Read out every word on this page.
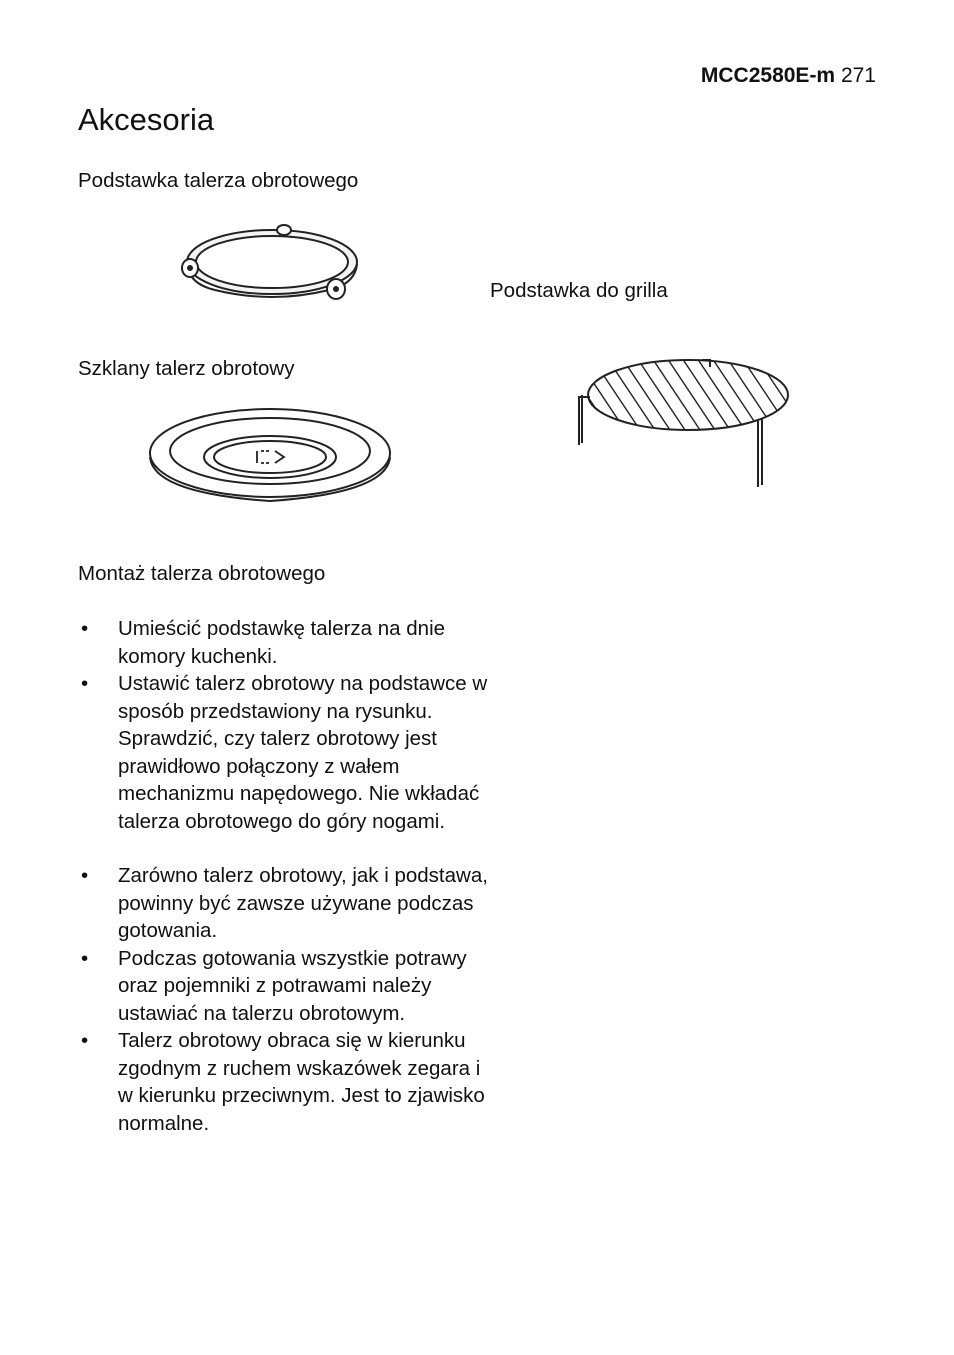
MCC2580E-m 271
Akcesoria
Podstawka talerza obrotowego
Podstawka do grilla
Szklany talerz obrotowy
Montaż talerza obrotowego
• Umieścić podstawkę talerza na dnie komory kuchenki.
• Ustawić talerz obrotowy na podstawce w sposób przedstawiony na rysunku. Sprawdzić, czy talerz obrotowy jest prawidłowo połączony z wałem mechanizmu napędowego. Nie wkładać talerza obrotowego do góry nogami.
• Zarówno talerz obrotowy, jak i podstawa, powinny być zawsze używane podczas gotowania.
• Podczas gotowania wszystkie potrawy oraz pojemniki z potrawami należy ustawiać na talerzu obrotowym.
• Talerz obrotowy obraca się w kierunku zgodnym z ruchem wskazówek zegara i w kierunku przeciwnym. Jest to zjawisko normalne.
